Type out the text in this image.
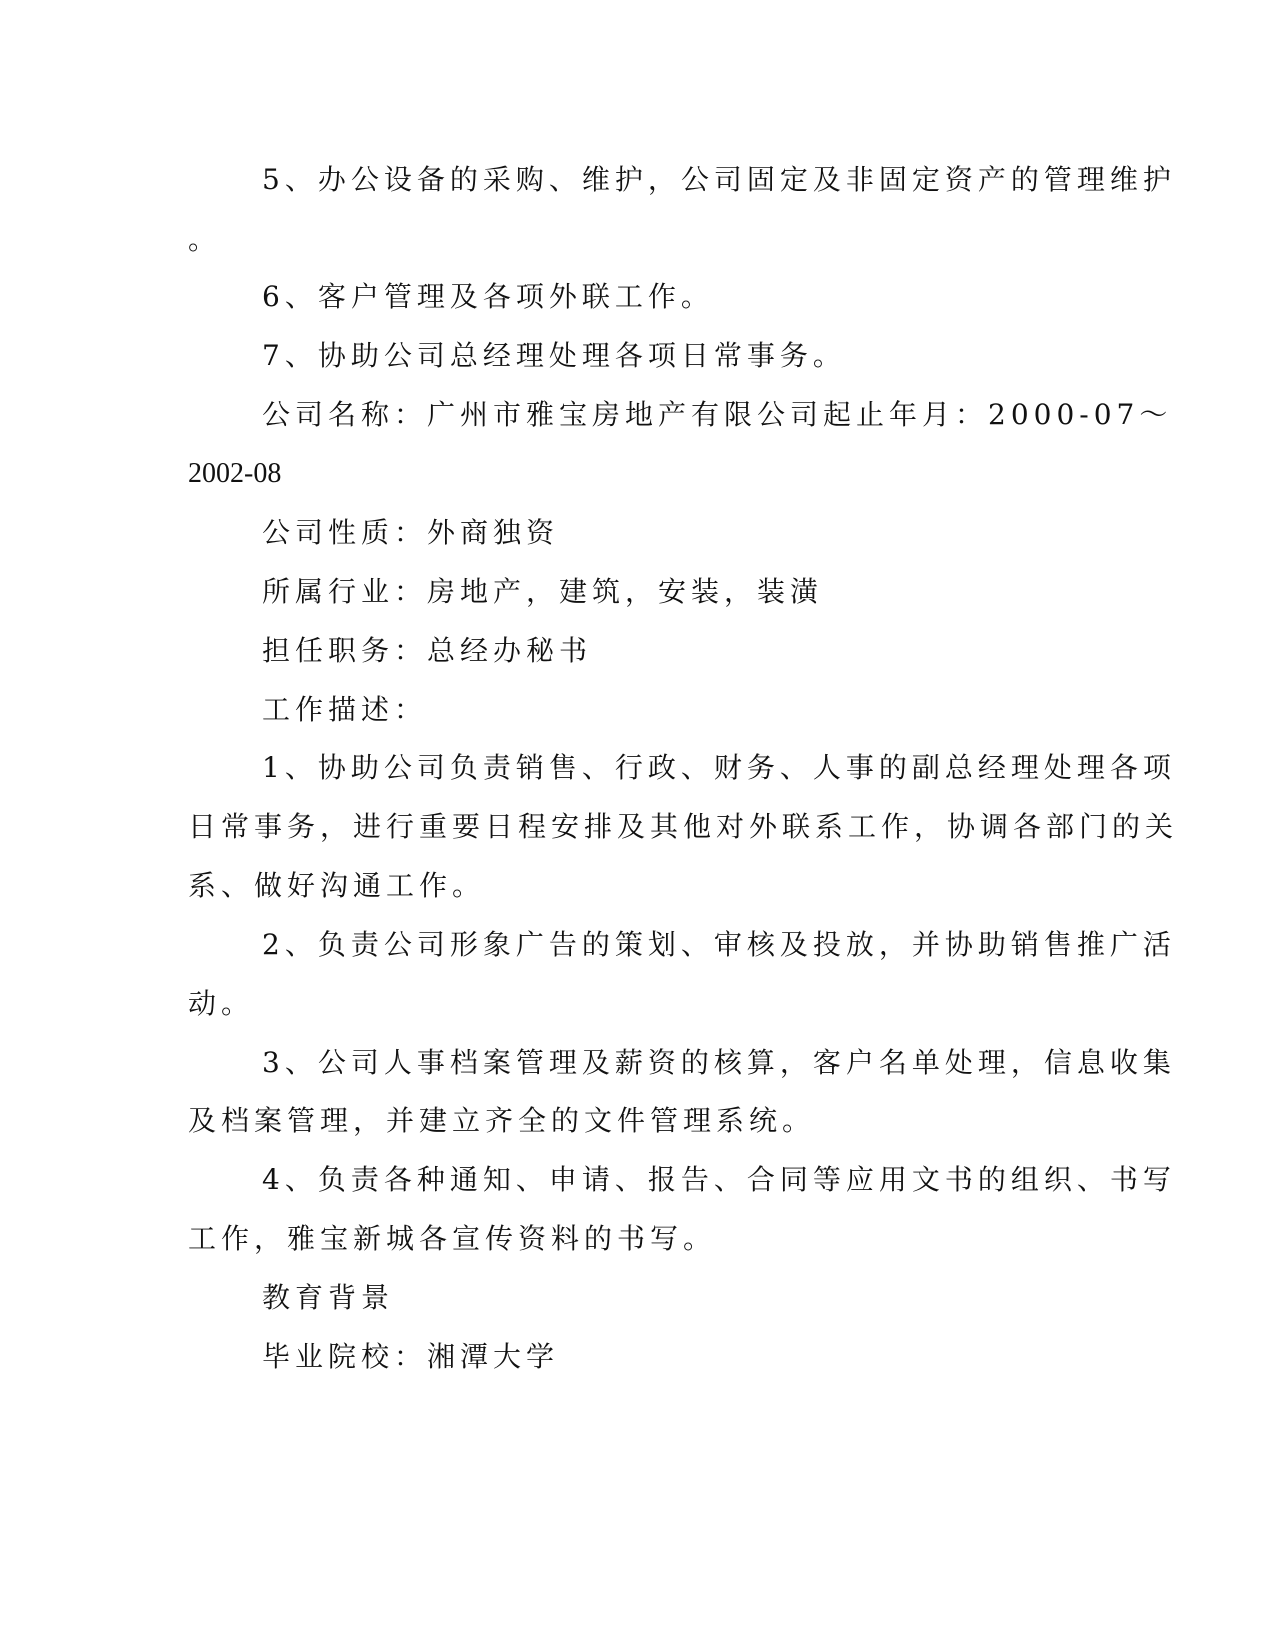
5、办公设备的采购、维护，公司固定及非固定资产的管理维护
。
6、客户管理及各项外联工作。
7、协助公司总经理处理各项日常事务。
公司名称：广州市雅宝房地产有限公司起止年月：2000-07～
2002-08
公司性质：外商独资
所属行业：房地产，建筑，安装，装潢
担任职务：总经办秘书
工作描述：
1、协助公司负责销售、行政、财务、人事的副总经理处理各项
日常事务，进行重要日程安排及其他对外联系工作，协调各部门的关
系、做好沟通工作。
2、负责公司形象广告的策划、审核及投放，并协助销售推广活
动。
3、公司人事档案管理及薪资的核算，客户名单处理，信息收集
及档案管理，并建立齐全的文件管理系统。
4、负责各种通知、申请、报告、合同等应用文书的组织、书写
工作，雅宝新城各宣传资料的书写。
教育背景
毕业院校：湘潭大学
